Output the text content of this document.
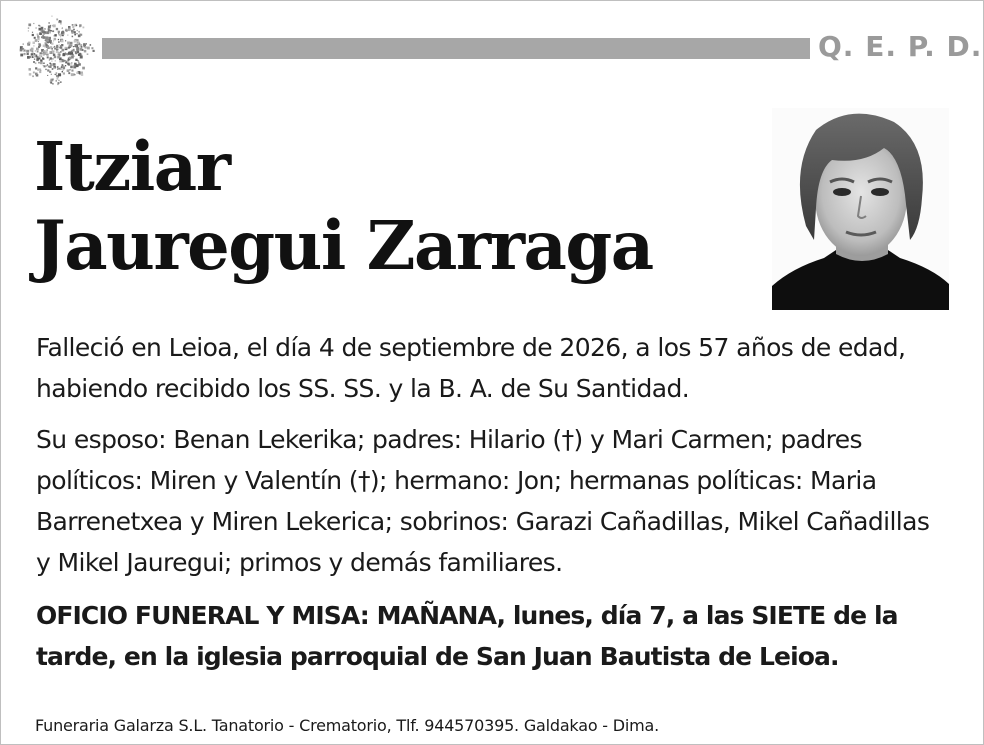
Q. E. P. D.
Itziar
Jauregui Zarraga
Falleció en Leioa, el día 4 de septiembre de 2026, a los 57 años de edad, habiendo recibido los SS. SS. y la B. A. de Su Santidad.
Su esposo: Benan Lekerika; padres: Hilario (†) y Mari Carmen; padres políticos: Miren y Valentín (†); hermano: Jon; hermanas políticas: Maria Barrenetxea y Miren Lekerica; sobrinos: Garazi Cañadillas, Mikel Cañadillas y Mikel Jauregui; primos y demás familiares.
OFICIO FUNERAL Y MISA: MAÑANA, lunes, día 7, a las SIETE de la tarde, en la iglesia parroquial de San Juan Bautista de Leioa.
Funeraria Galarza S.L. Tanatorio - Crematorio, Tlf. 944570395. Galdakao - Dima.
